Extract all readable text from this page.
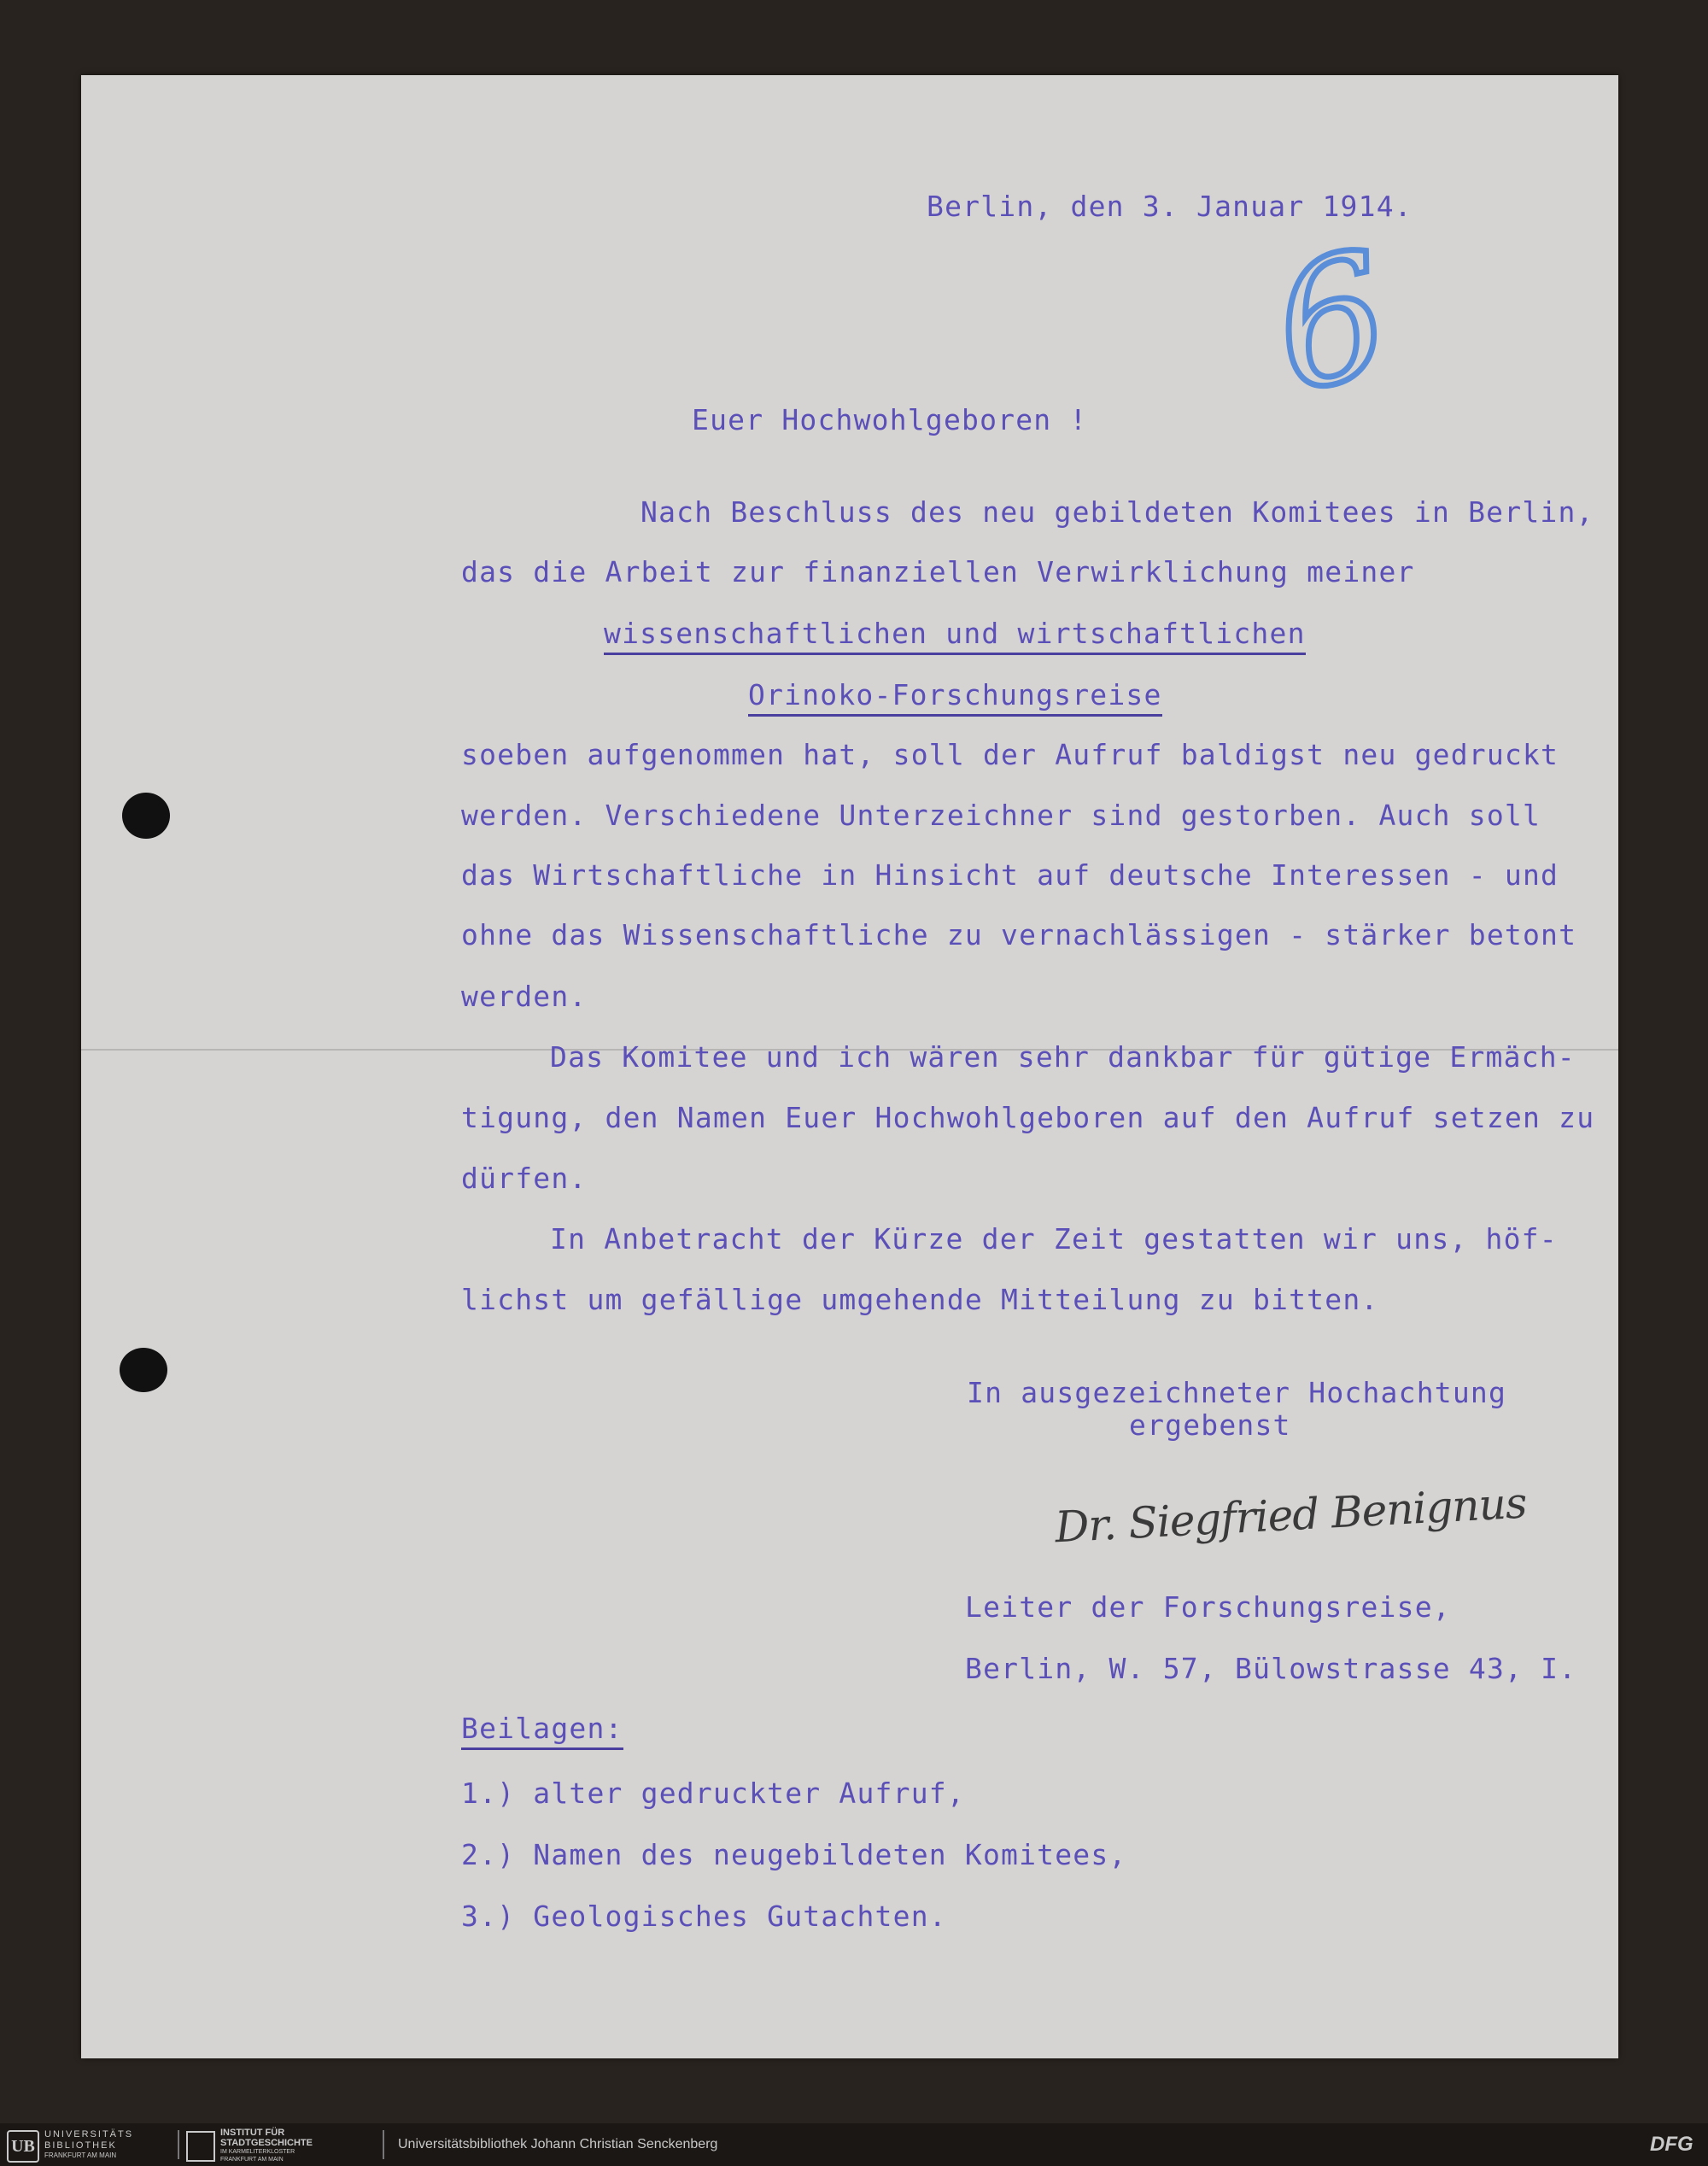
Berlin, den 3. Januar 1914.
6
Euer Hochwohlgeboren !
Nach Beschluss des neu gebildeten Komitees in Berlin,
das die Arbeit zur finanziellen Verwirklichung meiner
wissenschaftlichen und wirtschaftlichen
Orinoko-Forschungsreise
soeben aufgenommen hat, soll der Aufruf baldigst neu gedruckt
werden. Verschiedene Unterzeichner sind gestorben. Auch soll
das Wirtschaftliche in Hinsicht auf deutsche Interessen - und
ohne das Wissenschaftliche zu vernachlässigen - stärker betont
werden.
Das Komitee und ich wären sehr dankbar für gütige Ermäch-
tigung, den Namen Euer Hochwohlgeboren auf den Aufruf setzen zu
dürfen.
In Anbetracht der Kürze der Zeit gestatten wir uns, höf-
lichst um gefällige umgehende Mitteilung zu bitten.
In ausgezeichneter Hochachtung
ergebenst
Dr. Siegfried Benignus
Leiter der Forschungsreise,
Berlin, W. 57, Bülowstrasse 43, I.
Beilagen:
1.) alter gedruckter Aufruf,
2.) Namen des neugebildeten Komitees,
3.) Geologisches Gutachten.
UB
UNIVERSITÄTS
BIBLIOTHEK
FRANKFURT AM MAIN
INSTITUT FÜR
STADTGESCHICHTE
IM KARMELITERKLOSTER
FRANKFURT AM MAIN
Universitätsbibliothek Johann Christian Senckenberg	DFG
